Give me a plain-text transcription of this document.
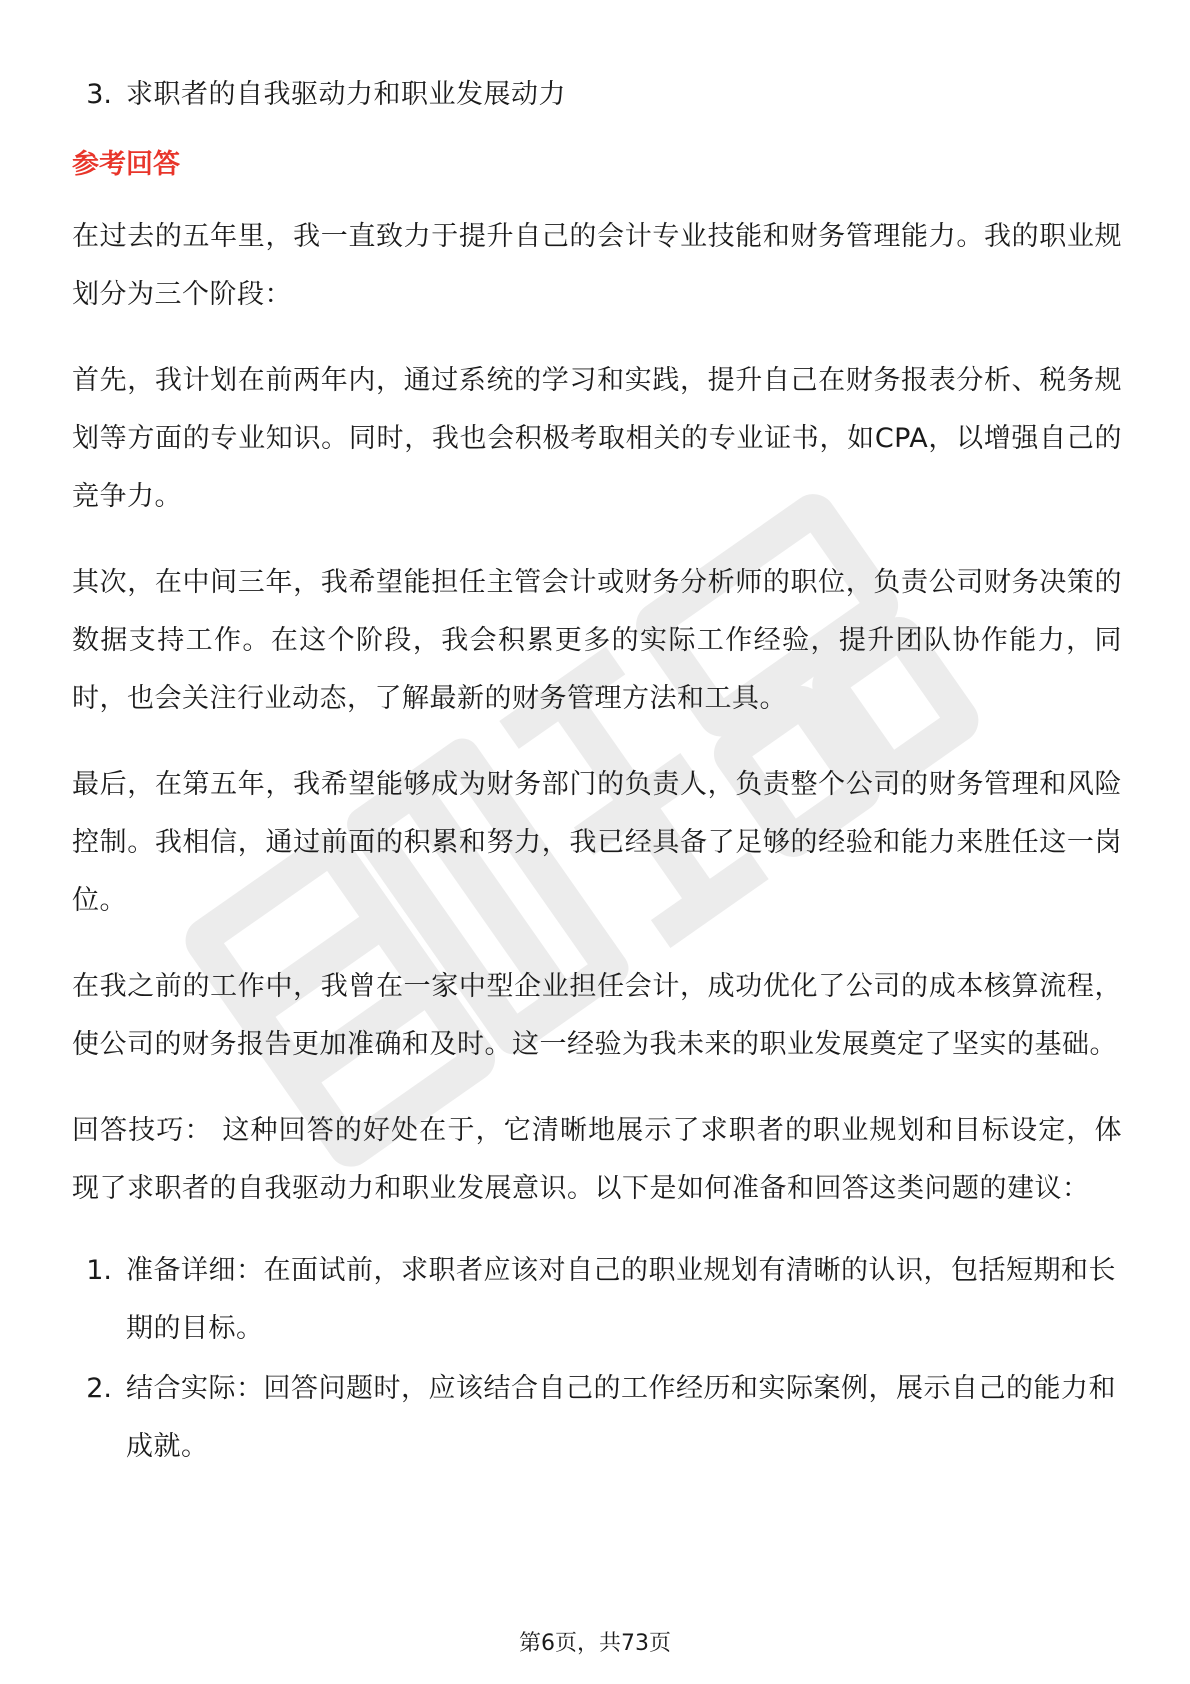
3. 求职者的自我驱动力和职业发展动力
参考回答

在过去的五年里，我一直致力于提升自己的会计专业技能和财务管理能力。我的职业规划分为三个阶段：

首先，我计划在前两年内，通过系统的学习和实践，提升自己在财务报表分析、税务规划等方面的专业知识。同时，我也会积极考取相关的专业证书，如CPA，以增强自己的竞争力。

其次，在中间三年，我希望能担任主管会计或财务分析师的职位，负责公司财务决策的数据支持工作。在这个阶段，我会积累更多的实际工作经验，提升团队协作能力，同时，也会关注行业动态，了解最新的财务管理方法和工具。

最后，在第五年，我希望能够成为财务部门的负责人，负责整个公司的财务管理和风险控制。我相信，通过前面的积累和努力，我已经具备了足够的经验和能力来胜任这一岗位。

在我之前的工作中，我曾在一家中型企业担任会计，成功优化了公司的成本核算流程，使公司的财务报告更加准确和及时。这一经验为我未来的职业发展奠定了坚实的基础。

回答技巧： 这种回答的好处在于，它清晰地展示了求职者的职业规划和目标设定，体现了求职者的自我驱动力和职业发展意识。以下是如何准备和回答这类问题的建议：

1. 准备详细：在面试前，求职者应该对自己的职业规划有清晰的认识，包括短期和长期的目标。
2. 结合实际：回答问题时，应该结合自己的工作经历和实际案例，展示自己的能力和成就。
第6页，共73页
